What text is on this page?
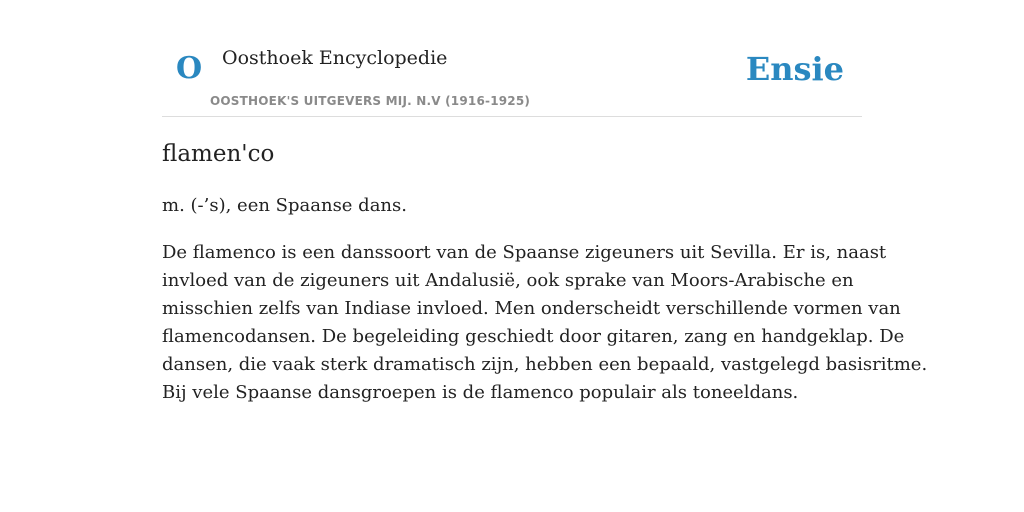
O Oosthoek Encyclopedie
OOSTHOEK'S UITGEVERS MIJ. N.V (1916-1925)
Ensie
flamen'co

m. (-’s), een Spaanse dans.

De flamenco is een danssoort van de Spaanse zigeuners uit Sevilla. Er is, naast
invloed van de zigeuners uit Andalusië, ook sprake van Moors-Arabische en
misschien zelfs van Indiase invloed. Men onderscheidt verschillende vormen van
flamencodansen. De begeleiding geschiedt door gitaren, zang en handgeklap. De
dansen, die vaak sterk dramatisch zijn, hebben een bepaald, vastgelegd basisritme.
Bij vele Spaanse dansgroepen is de flamenco populair als toneeldans.
